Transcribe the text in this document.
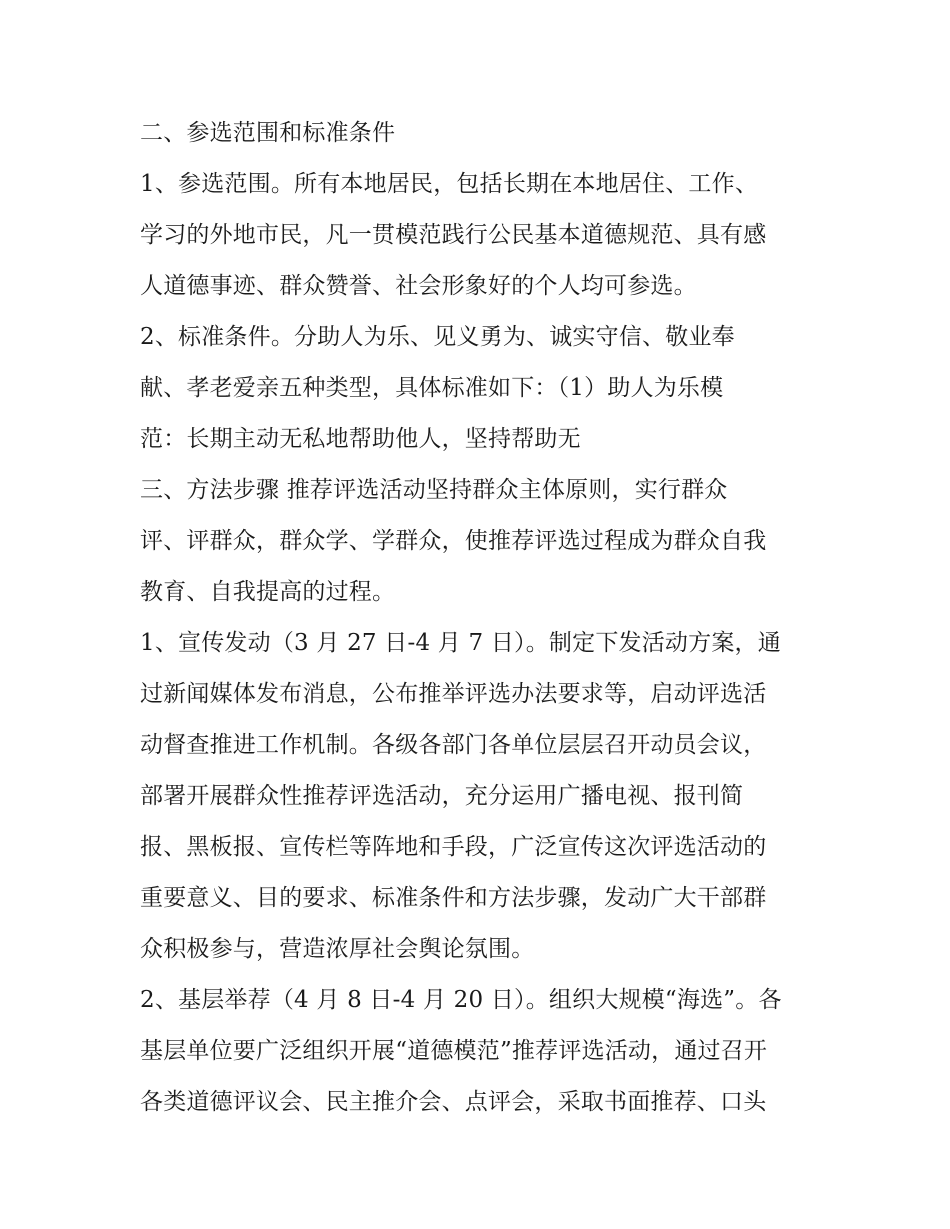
二、参选范围和标准条件
1、参选范围。所有本地居民，包括长期在本地居住、工作、
学习的外地市民，凡一贯模范践行公民基本道德规范、具有感
人道德事迹、群众赞誉、社会形象好的个人均可参选。
2、标准条件。分助人为乐、见义勇为、诚实守信、敬业奉
献、孝老爱亲五种类型，具体标准如下：（1）助人为乐模
范：长期主动无私地帮助他人，坚持帮助无
三、方法步骤 推荐评选活动坚持群众主体原则，实行群众
评、评群众，群众学、学群众，使推荐评选过程成为群众自我
教育、自我提高的过程。
1、宣传发动（3 月 27 日-4 月 7 日）。制定下发活动方案，通
过新闻媒体发布消息，公布推举评选办法要求等，启动评选活
动督查推进工作机制。各级各部门各单位层层召开动员会议，
部署开展群众性推荐评选活动，充分运用广播电视、报刊简
报、黑板报、宣传栏等阵地和手段，广泛宣传这次评选活动的
重要意义、目的要求、标准条件和方法步骤，发动广大干部群
众积极参与，营造浓厚社会舆论氛围。
2、基层举荐（4 月 8 日-4 月 20 日）。组织大规模“海选”。各
基层单位要广泛组织开展“道德模范”推荐评选活动，通过召开
各类道德评议会、民主推介会、点评会，采取书面推荐、口头
